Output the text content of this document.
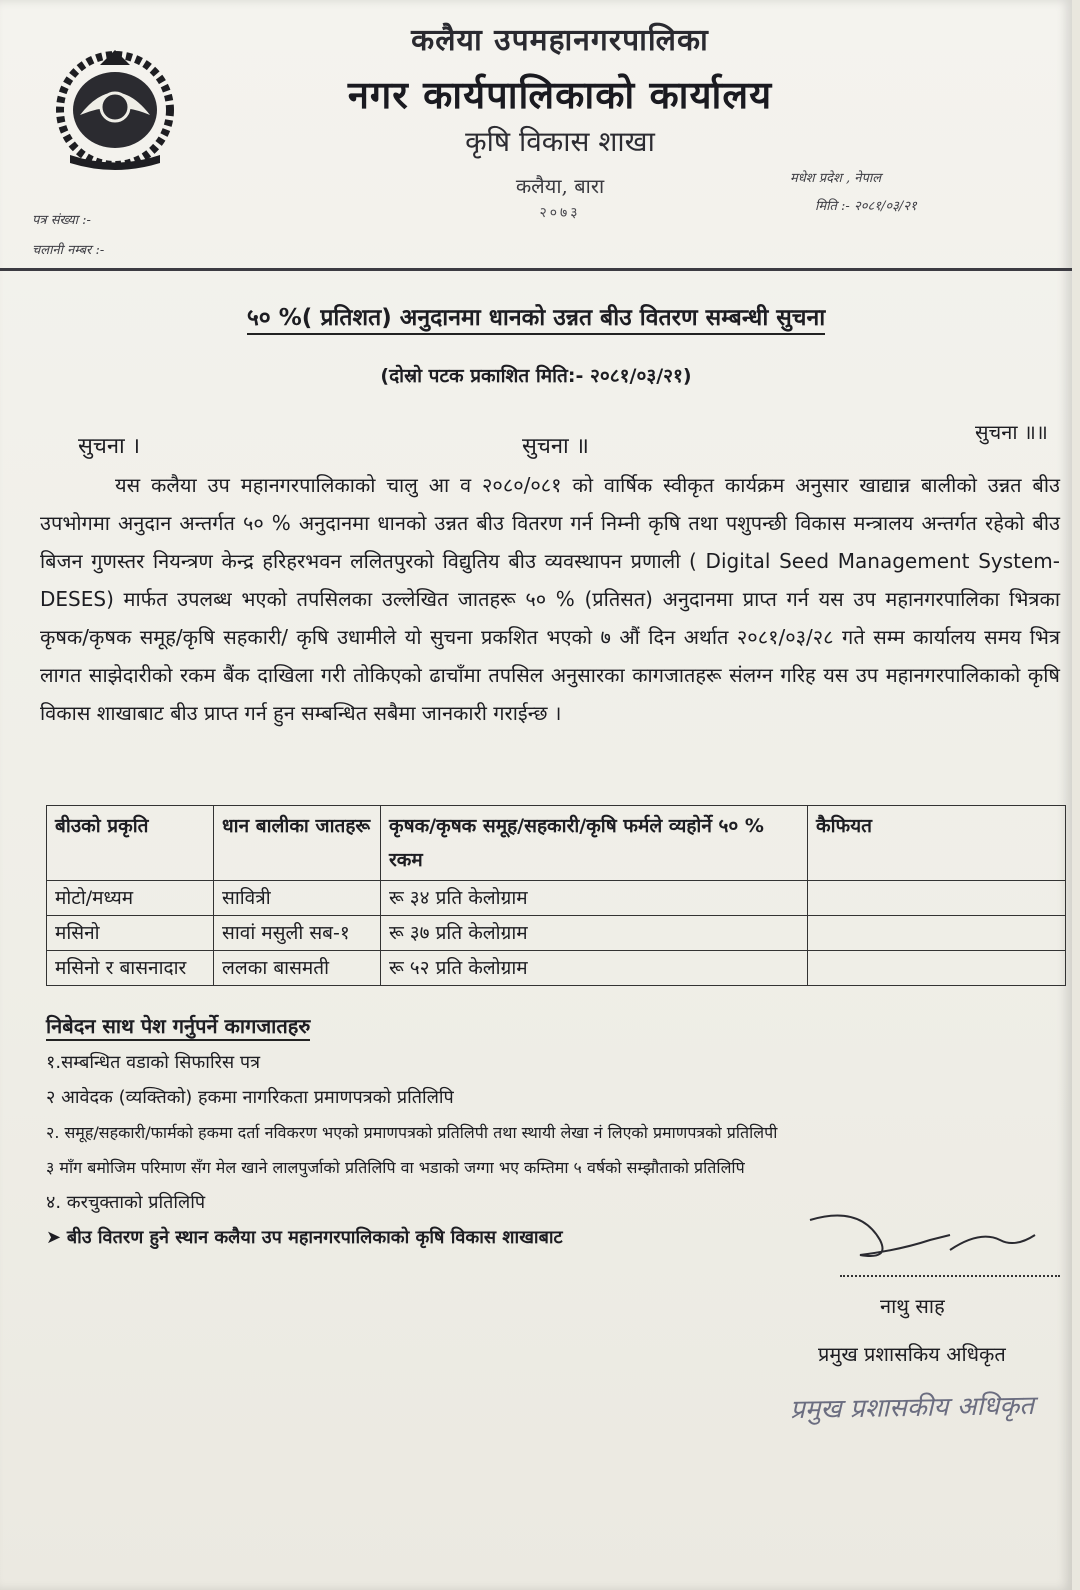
कलैया उपमहानगरपालिका
नगर कार्यपालिकाको कार्यालय
कृषि विकास शाखा
कलैया, बारा
२०७३
मधेश प्रदेश , नेपाल
मिति :- २०८१/०३/२१
पत्र संख्या :-
चलानी नम्बर :-
५० %( प्रतिशत) अनुदानमा धानको उन्नत बीउ वितरण सम्बन्धी सुचना
(दोस्रो पटक प्रकाशित मिति:- २०८१/०३/२१)
सुचना ।	सुचना ॥
सुचना ॥॥
यस कलैया उप महानगरपालिकाको चालु आ व २०८०/०८१ को वार्षिक स्वीकृत कार्यक्रम अनुसार खाद्यान्न बालीको उन्नत बीउ उपभोगमा अनुदान अन्तर्गत ५० % अनुदानमा धानको उन्नत बीउ वितरण गर्न निम्नी कृषि तथा पशुपन्छी विकास मन्त्रालय अन्तर्गत रहेको बीउ बिजन गुणस्तर नियन्त्रण केन्द्र हरिहरभवन ललितपुरको विद्युतिय बीउ व्यवस्थापन प्रणाली ( Digital Seed Management System- DESES) मार्फत उपलब्ध भएको तपसिलका उल्लेखित जातहरू ५० % (प्रतिसत) अनुदानमा प्राप्त गर्न यस उप महानगरपालिका भित्रका कृषक/कृषक समूह/कृषि सहकारी/ कृषि उधामीले यो सुचना प्रकशित भएको ७ औं दिन अर्थात २०८१/०३/२८ गते सम्म कार्यालय समय भित्र लागत साझेदारीको रकम बैंक दाखिला गरी तोकिएको ढाचाँमा तपसिल अनुसारका कागजातहरू संलग्न गरिह यस उप महानगरपालिकाको कृषि विकास शाखाबाट बीउ प्राप्त गर्न हुन सम्बन्धित सबैमा जानकारी गराईन्छ ।
बीउको प्रकृति	धान बालीका जातहरू	कृषक/कृषक समूह/सहकारी/कृषि फर्मले व्यहोर्ने ५० % रकम	कैफियत
मोटो/मध्यम	सावित्री	रू ३४ प्रति केलोग्राम	
मसिनो	सावां मसुली सब-१	रू ३७ प्रति केलोग्राम	
मसिनो र बासनादार	ललका बासमती	रू ५२ प्रति केलोग्राम	
निबेदन साथ पेश गर्नुपर्ने कागजातहरु
१.सम्बन्धित वडाको सिफारिस पत्र
२ आवेदक (व्यक्तिको) हकमा नागरिकता प्रमाणपत्रको प्रतिलिपि
२. समूह/सहकारी/फार्मको हकमा दर्ता नविकरण भएको प्रमाणपत्रको प्रतिलिपी तथा स्थायी लेखा नं लिएको प्रमाणपत्रको प्रतिलिपी
३ माँग बमोजिम परिमाण सँग मेल खाने लालपुर्जाको प्रतिलिपि वा भडाको जग्गा भए कम्तिमा ५ वर्षको सम्झौताको प्रतिलिपि
४. करचुक्ताको प्रतिलिपि
➤ बीउ वितरण हुने स्थान कलैया उप महानगरपालिकाको कृषि विकास शाखाबाट
नाथु साह
प्रमुख प्रशासकिय अधिकृत
प्रमुख प्रशासकीय अधिकृत
